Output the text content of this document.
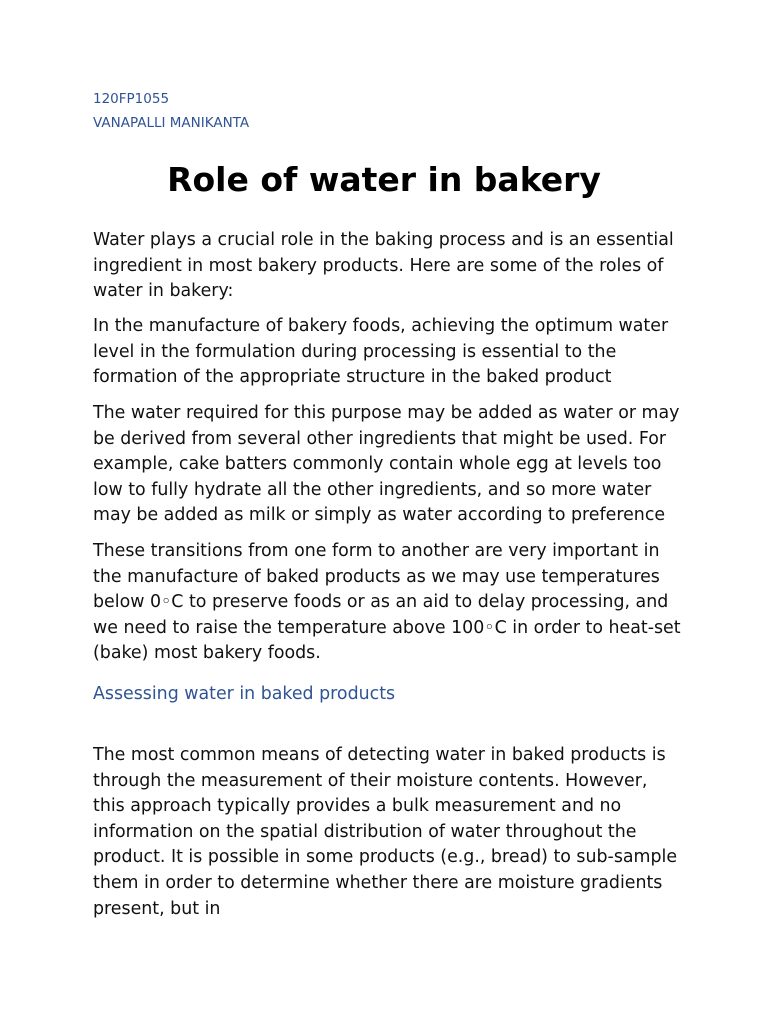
120FP1055
VANAPALLI MANIKANTA
Role of water in bakery

Water plays a crucial role in the baking process and is an essential ingredient in most bakery products. Here are some of the roles of water in bakery:

In the manufacture of bakery foods, achieving the optimum water level in the formulation during processing is essential to the formation of the appropriate structure in the baked product

The water required for this purpose may be added as water or may be derived from several other ingredients that might be used. For example, cake batters commonly contain whole egg at levels too low to fully hydrate all the other ingredients, and so more water may be added as milk or simply as water according to preference

These transitions from one form to another are very important in the manufacture of baked products as we may use temperatures below 0◦C to preserve foods or as an aid to delay processing, and we need to raise the temperature above 100◦C in order to heat-set (bake) most bakery foods.

Assessing water in baked products

The most common means of detecting water in baked products is through the measurement of their moisture contents. However, this approach typically provides a bulk measurement and no information on the spatial distribution of water throughout the product. It is possible in some products (e.g., bread) to sub-sample them in order to determine whether there are moisture gradients present, but in
